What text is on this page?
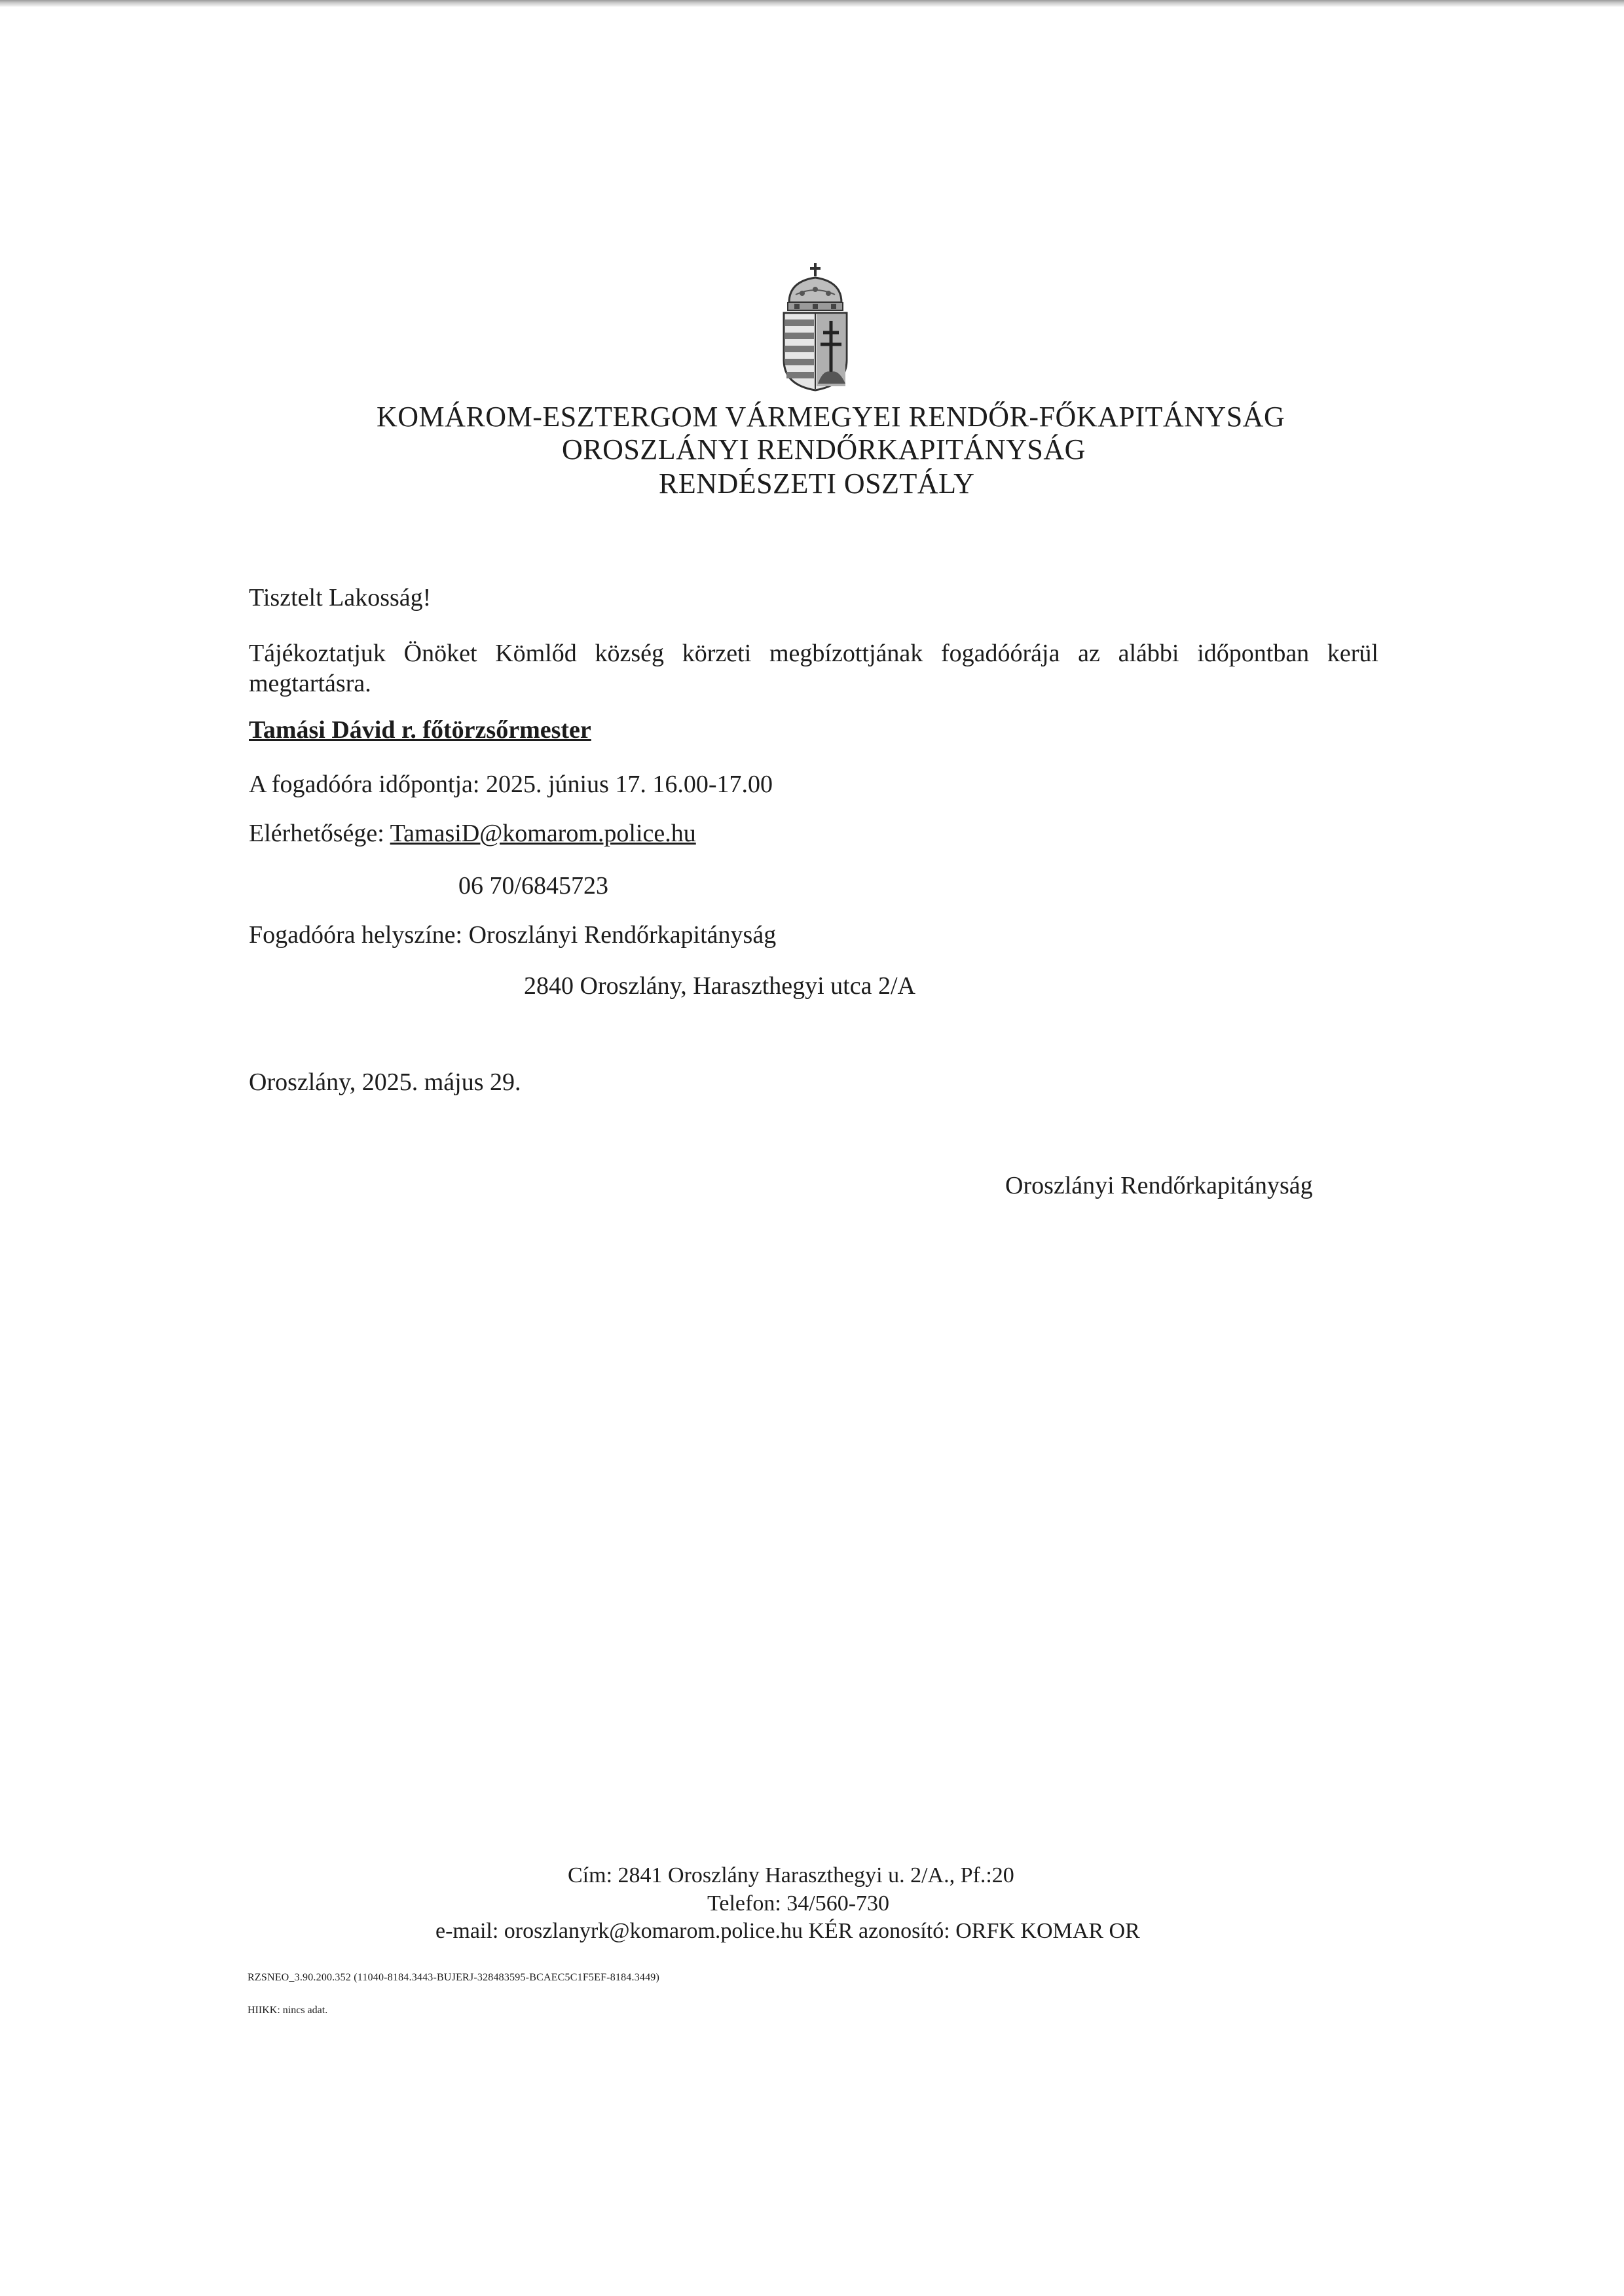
KOMÁROM-ESZTERGOM VÁRMEGYEI RENDŐR-FŐKAPITÁNYSÁG
OROSZLÁNYI RENDŐRKAPITÁNYSÁG
RENDÉSZETI OSZTÁLY
Tisztelt Lakosság!
Tájékoztatjuk Önöket Kömlőd község körzeti megbízottjának fogadóórája az alábbi időpontban kerül megtartásra.
Tamási Dávid r. főtörzsőrmester
A fogadóóra időpontja: 2025. június 17. 16.00-17.00
Elérhetősége: TamasiD@komarom.police.hu
06 70/6845723
Fogadóóra helyszíne: Oroszlányi Rendőrkapitányság
2840 Oroszlány, Haraszthegyi utca 2/A
Oroszlány, 2025. május 29.
Oroszlányi Rendőrkapitányság
Cím: 2841 Oroszlány Haraszthegyi u. 2/A., Pf.:20
Telefon: 34/560-730
e-mail: oroszlanyrk@komarom.police.hu KÉR azonosító: ORFK KOMAR OR
RZSNEO_3.90.200.352 (11040-8184.3443-BUJERJ-328483595-BCAEC5C1F5EF-8184.3449)
HIIKK: nincs adat.
